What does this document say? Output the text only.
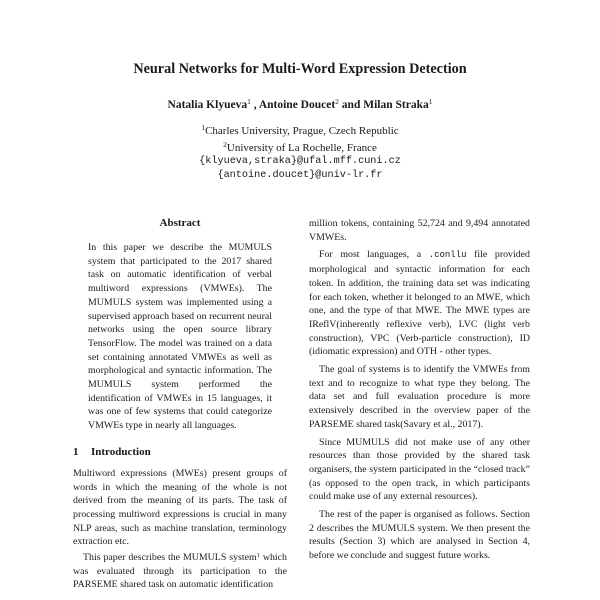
Neural Networks for Multi-Word Expression Detection
Natalia Klyueva$^1$ , Antoine Doucet$^2$ and Milan Straka$^1$
$^1$Charles University, Prague, Czech Republic
$^2$University of La Rochelle, France
{klyueva,straka}@ufal.mff.cuni.cz
{antoine.doucet}@univ-lr.fr
Abstract

In this paper we describe the MUMULS system that participated to the 2017 shared task on automatic identification of verbal multiword expressions (VMWEs). The MUMULS system was implemented using a supervised approach based on recurrent neural networks using the open source library TensorFlow. The model was trained on a data set containing annotated VMWEs as well as morphological and syntactic information. The MUMULS system performed the identification of VMWEs in 15 languages, it was one of few systems that could categorize VMWEs type in nearly all languages.

1 Introduction

Multiword expressions (MWEs) present groups of words in which the meaning of the whole is not derived from the meaning of its parts. The task of processing multiword expressions is crucial in many NLP areas, such as machine translation, terminology extraction etc.

This paper describes the MUMULS system$^1$ which was evaluated through its participation to the PARSEME shared task on automatic identification

million tokens, containing 52,724 and 9,494 annotated VMWEs.

For most languages, a .conllu file provided morphological and syntactic information for each token. In addition, the training data set was indicating for each token, whether it belonged to an MWE, which one, and the type of that MWE. The MWE types are IReflV(inherently reflexive verb), LVC (light verb construction), VPC (Verb-particle construction), ID (idiomatic expression) and OTH - other types.

The goal of systems is to identify the VMWEs from text and to recognize to what type they belong. The data set and full evaluation procedure is more extensively described in the overview paper of the PARSEME shared task(Savary et al., 2017).

Since MUMULS did not make use of any other resources than those provided by the shared task organisers, the system participated in the “closed track” (as opposed to the open track, in which participants could make use of any external resources).

The rest of the paper is organised as follows. Section 2 describes the MUMULS system. We then present the results (Section 3) which are analysed in Section 4, before we conclude and suggest future works.
